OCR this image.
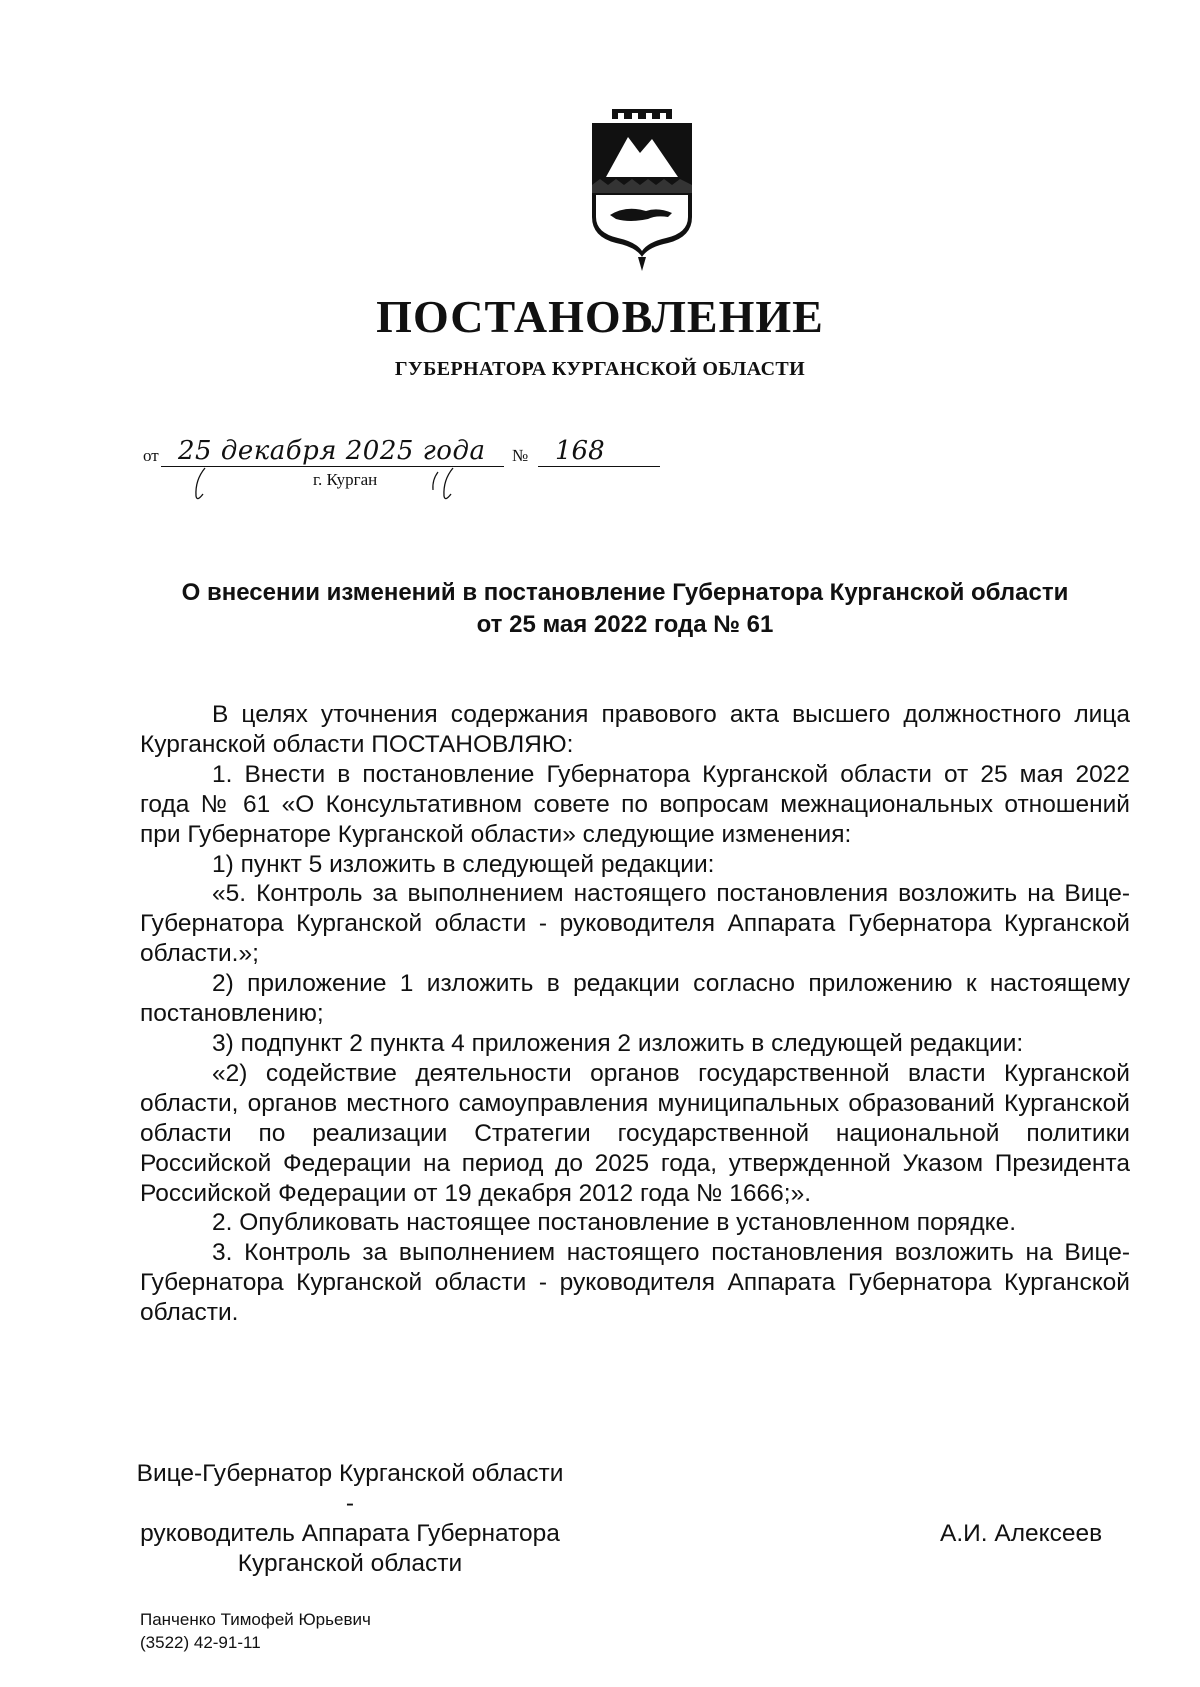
ПОСТАНОВЛЕНИЕ
ГУБЕРНАТОРА КУРГАНСКОЙ ОБЛАСТИ
от 25 декабря 2025 года № 168
г. Курган
О внесении изменений в постановление Губернатора Курганской области
от 25 мая 2022 года № 61

В целях уточнения содержания правового акта высшего должностного лица Курганской области ПОСТАНОВЛЯЮ:

1. Внести в постановление Губернатора Курганской области от 25 мая 2022 года № 61 «О Консультативном совете по вопросам межнациональных отношений при Губернаторе Курганской области» следующие изменения:

1) пункт 5 изложить в следующей редакции:

«5. Контроль за выполнением настоящего постановления возложить на Вице-Губернатора Курганской области - руководителя Аппарата Губернатора Курганской области.»;

2) приложение 1 изложить в редакции согласно приложению к настоящему постановлению;

3) подпункт 2 пункта 4 приложения 2 изложить в следующей редакции:

«2) содействие деятельности органов государственной власти Курганской области, органов местного самоуправления муниципальных образований Курганской области по реализации Стратегии государственной национальной политики Российской Федерации на период до 2025 года, утвержденной Указом Президента Российской Федерации от 19 декабря 2012 года № 1666;».

2. Опубликовать настоящее постановление в установленном порядке.

3. Контроль за выполнением настоящего постановления возложить на Вице-Губернатора Курганской области - руководителя Аппарата Губернатора Курганской области.

Вице-Губернатор Курганской области -
руководитель Аппарата Губернатора
Курганской области
А.И. Алексеев
Панченко Тимофей Юрьевич
(3522) 42-91-11
